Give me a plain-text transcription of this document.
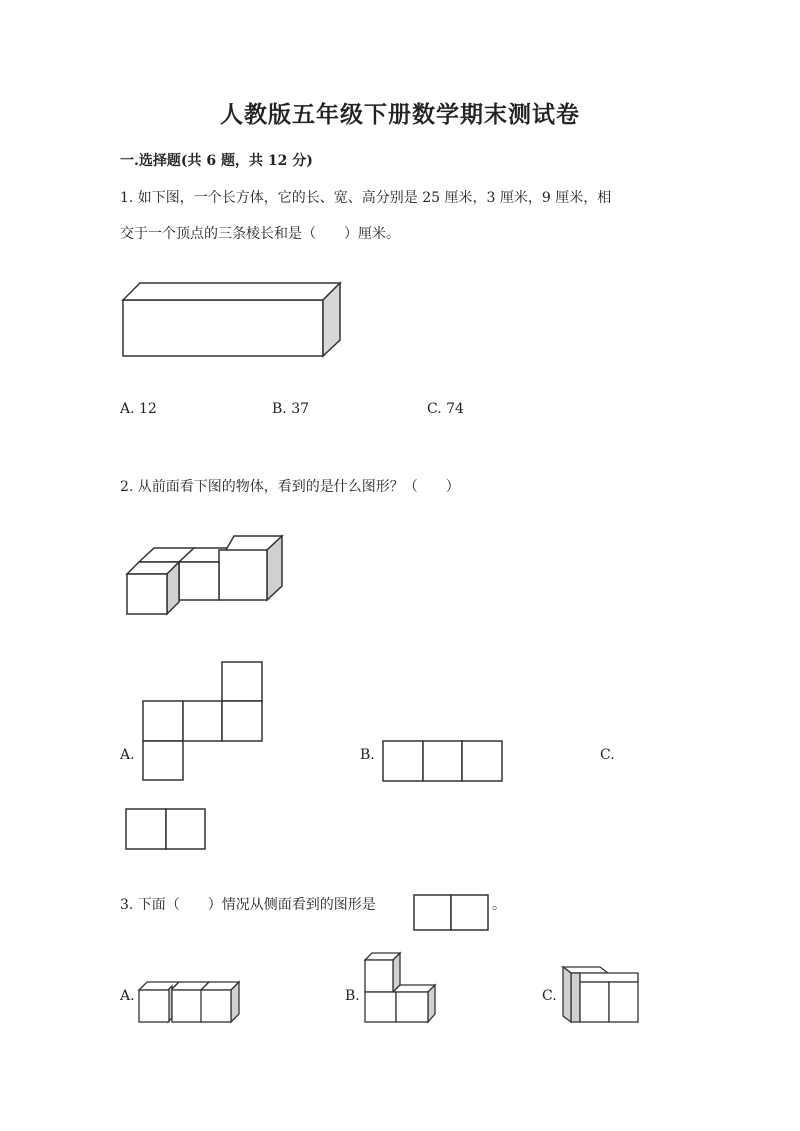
人教版五年级下册数学期末测试卷
一.选择题(共 6 题，共 12 分)
1. 如下图，一个长方体，它的长、宽、高分别是 25 厘米，3 厘米，9 厘米，相
交于一个顶点的三条棱长和是（　　）厘米。
A. 12	B. 37	C. 74
2. 从前面看下图的物体，看到的是什么图形？（　　）
A.	B.	C.
3. 下面（　　）情况从侧面看到的图形是	。
A.	B.	C.
